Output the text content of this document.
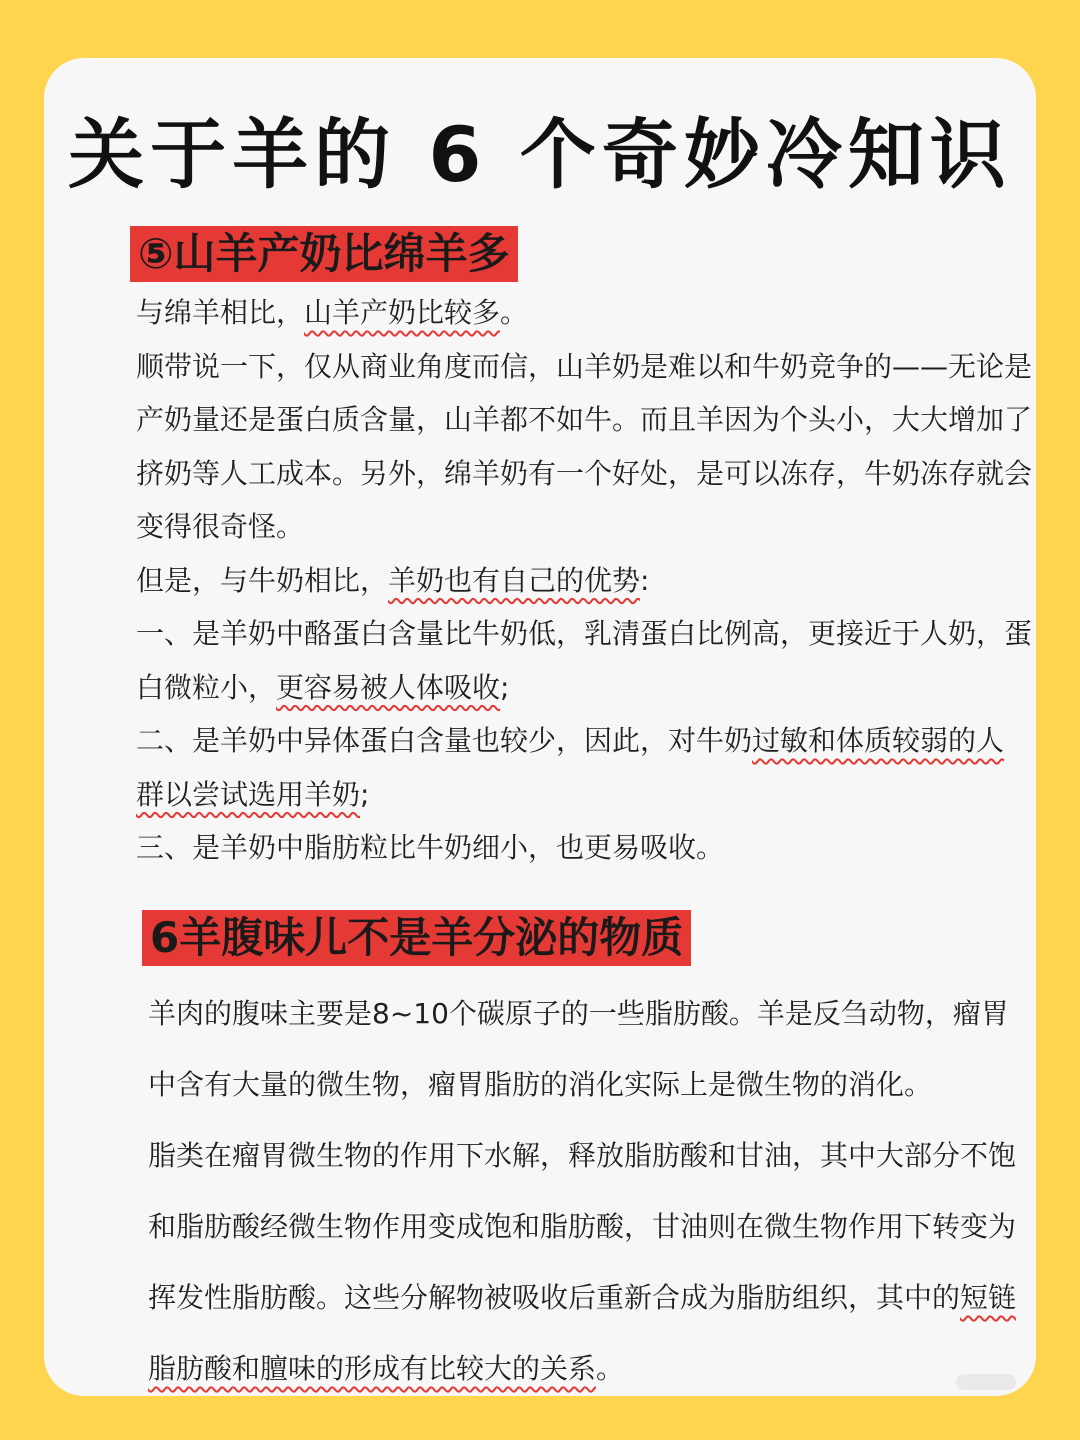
关于羊的 6 个奇妙冷知识
⑤山羊产奶比绵羊多

与绵羊相比，山羊产奶比较多。

顺带说一下，仅从商业角度而信，山羊奶是难以和牛奶竞争的——无论是产奶量还是蛋白质含量，山羊都不如牛。而且羊因为个头小，大大增加了挤奶等人工成本。另外，绵羊奶有一个好处，是可以冻存，牛奶冻存就会变得很奇怪。

但是，与牛奶相比，羊奶也有自己的优势:

一、是羊奶中酪蛋白含量比牛奶低，乳清蛋白比例高，更接近于人奶，蛋白微粒小，更容易被人体吸收;

二、是羊奶中异体蛋白含量也较少，因此，对牛奶过敏和体质较弱的人群以尝试选用羊奶;

三、是羊奶中脂肪粒比牛奶细小，也更易吸收。

6羊腹味儿不是羊分泌的物质

羊肉的腹味主要是8~10个碳原子的一些脂肪酸。羊是反刍动物，瘤胃中含有大量的微生物，瘤胃脂肪的消化实际上是微生物的消化。

脂类在瘤胃微生物的作用下水解，释放脂肪酸和甘油，其中大部分不饱和脂肪酸经微生物作用变成饱和脂肪酸，甘油则在微生物作用下转变为挥发性脂肪酸。这些分解物被吸收后重新合成为脂肪组织，其中的短链脂肪酸和膻味的形成有比较大的关系。
